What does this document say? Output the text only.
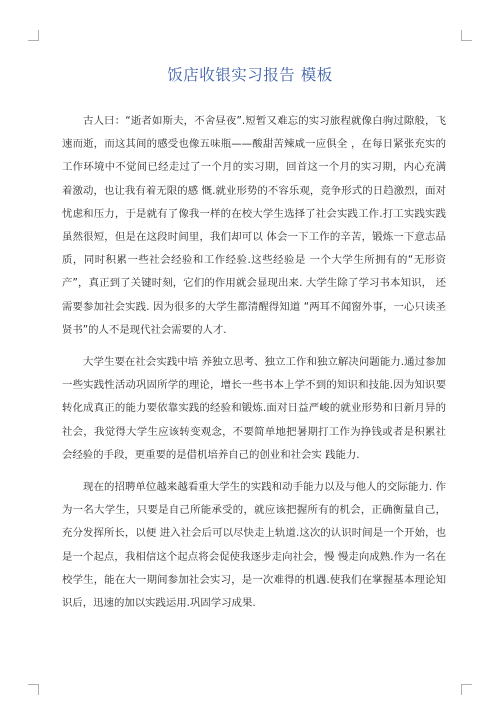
饭店收银实习报告 模板

古人曰：“逝者如斯夫，不舍昼夜”.短暂又难忘的实习旅程就像白驹过隙般，飞速而逝，而这其间的感受也像五味瓶——酸甜苦辣咸一应俱全 ，在每日紧张充实的工作环境中不觉间已经走过了一个月的实习期，回首这一个月的实习期，内心充满着激动，也让我有着无限的感 慨.就业形势的不容乐观，竞争形式的日趋激烈，面对忧虑和压力，于是就有了像我一样的在校大学生选择了社会实践工作.打工实践实践虽然很短，但是在这段时间里，我们却可以 体会一下工作的辛苦，锻炼一下意志品质，同时积累一些社会经验和工作经验.这些经验是 一个大学生所拥有的“无形资产”，真正到了关键时刻，它们的作用就会显现出来. 大学生除了学习书本知识， 还需要参加社会实践. 因为很多的大学生都清醒得知道 “两耳不闻窗外事，一心只读圣贤书”的人不是现代社会需要的人才.

大学生要在社会实践中培 养独立思考、独立工作和独立解决问题能力.通过参加一些实践性活动巩固所学的理论，增长一些书本上学不到的知识和技能.因为知识要转化成真正的能力要依靠实践的经验和锻炼.面对日益严峻的就业形势和日新月异的社会，我觉得大学生应该转变观念，不要简单地把暑期打工作为挣钱或者是积累社会经验的手段，更重要的是借机培养自己的创业和社会实 践能力.

现在的招聘单位越来越看重大学生的实践和动手能力以及与他人的交际能力. 作为一名大学生，只要是自己所能承受的，就应该把握所有的机会，正确衡量自己，充分发挥所长，以便 进入社会后可以尽快走上轨道.这次的认识时间是一个开始，也是一个起点，我相信这个起点将会促使我逐步走向社会，慢 慢走向成熟.作为一名在校学生，能在大一期间参加社会实习，是一次难得的机遇.使我们在掌握基本理论知识后，迅速的加以实践运用.巩固学习成果.
